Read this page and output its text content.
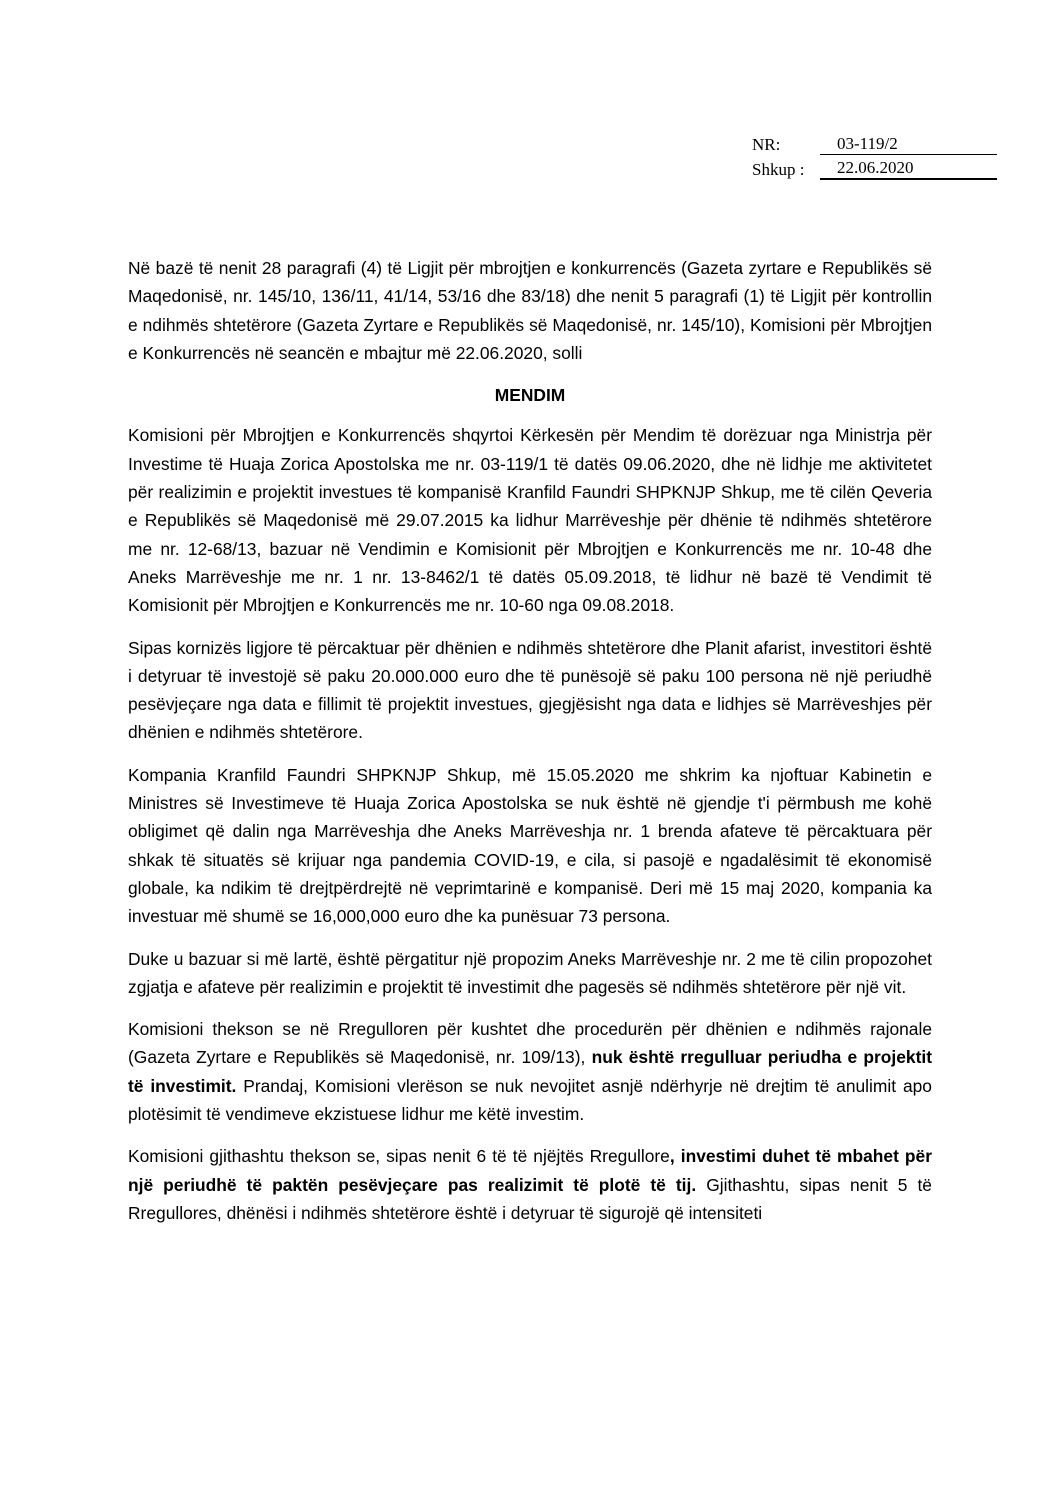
NR:	03-119/2
Shkup :	22.06.2020

Në bazë të nenit 28 paragrafi (4) të Ligjit për mbrojtjen e konkurrencës (Gazeta zyrtare e Republikës së Maqedonisë, nr. 145/10, 136/11, 41/14, 53/16 dhe 83/18) dhe nenit 5 paragrafi (1) të Ligjit për kontrollin e ndihmës shtetërore (Gazeta Zyrtare e Republikës së Maqedonisë, nr. 145/10), Komisioni për Mbrojtjen e Konkurrencës në seancën e mbajtur më 22.06.2020, solli

MENDIM

Komisioni për Mbrojtjen e Konkurrencës shqyrtoi Kërkesën për Mendim të dorëzuar nga Ministrja për Investime të Huaja Zorica Apostolska me nr. 03-119/1 të datës 09.06.2020, dhe në lidhje me aktivitetet për realizimin e projektit investues të kompanisë Kranfild Faundri SHPKNJP Shkup, me të cilën Qeveria e Republikës së Maqedonisë më 29.07.2015 ka lidhur Marrëveshje për dhënie të ndihmës shtetërore me nr. 12-68/13, bazuar në Vendimin e Komisionit për Mbrojtjen e Konkurrencës me nr. 10-48 dhe Aneks Marrëveshje me nr. 1 nr. 13-8462/1 të datës 05.09.2018, të lidhur në bazë të Vendimit të Komisionit për Mbrojtjen e Konkurrencës me nr. 10-60 nga 09.08.2018.

Sipas kornizës ligjore të përcaktuar për dhënien e ndihmës shtetërore dhe Planit afarist, investitori është i detyruar të investojë së paku 20.000.000 euro dhe të punësojë së paku 100 persona në një periudhë pesëvjeçare nga data e fillimit të projektit investues, gjegjësisht nga data e lidhjes së Marrëveshjes për dhënien e ndihmës shtetërore.

Kompania Kranfild Faundri SHPKNJP Shkup, më 15.05.2020 me shkrim ka njoftuar Kabinetin e Ministres së Investimeve të Huaja Zorica Apostolska se nuk është në gjendje t'i përmbush me kohë obligimet që dalin nga Marrëveshja dhe Aneks Marrëveshja nr. 1 brenda afateve të përcaktuara për shkak të situatës së krijuar nga pandemia COVID-19, e cila, si pasojë e ngadalësimit të ekonomisë globale, ka ndikim të drejtpërdrejtë në veprimtarinë e kompanisë. Deri më 15 maj 2020, kompania ka investuar më shumë se 16,000,000 euro dhe ka punësuar 73 persona.

Duke u bazuar si më lartë, është përgatitur një propozim Aneks Marrëveshje nr. 2 me të cilin propozohet zgjatja e afateve për realizimin e projektit të investimit dhe pagesës së ndihmës shtetërore për një vit.

Komisioni thekson se në Rregulloren për kushtet dhe procedurën për dhënien e ndihmës rajonale (Gazeta Zyrtare e Republikës së Maqedonisë, nr. 109/13), nuk është rregulluar periudha e projektit të investimit. Prandaj, Komisioni vlerëson se nuk nevojitet asnjë ndërhyrje në drejtim të anulimit apo plotësimit të vendimeve ekzistuese lidhur me këtë investim.

Komisioni gjithashtu thekson se, sipas nenit 6 të të njëjtës Rregullore, investimi duhet të mbahet për një periudhë të paktën pesëvjeçare pas realizimit të plotë të tij. Gjithashtu, sipas nenit 5 të Rregullores, dhënësi i ndihmës shtetërore është i detyruar të sigurojë që intensiteti
